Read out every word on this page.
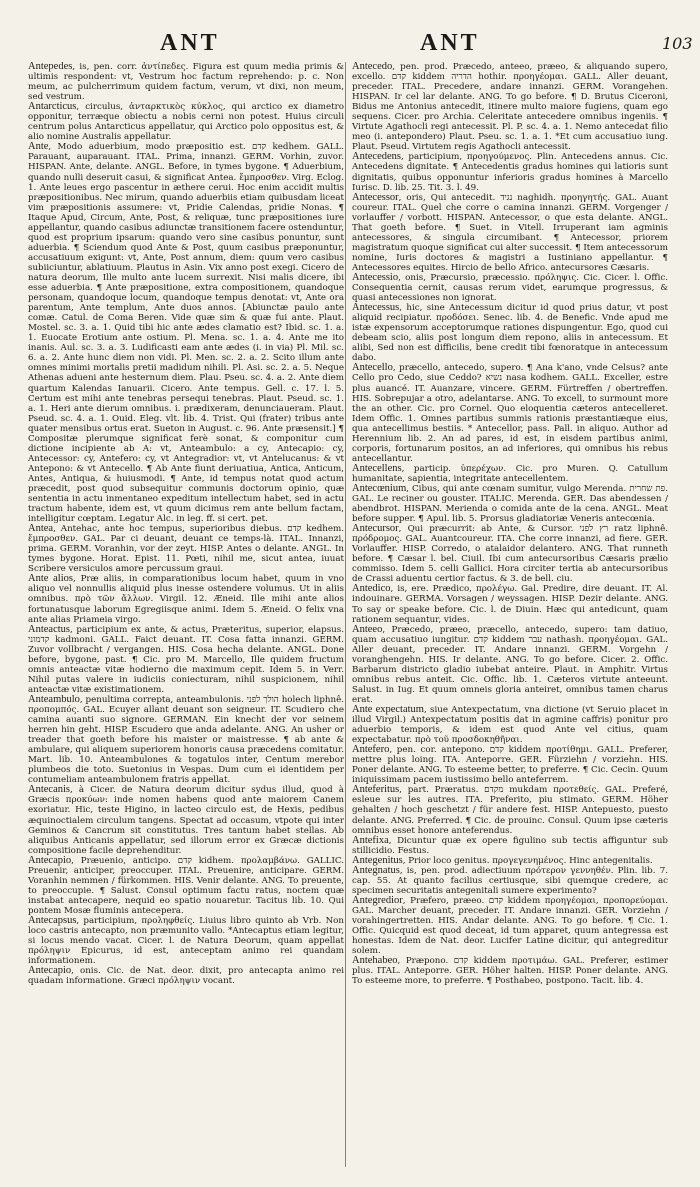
ANT	ANT	103

Antepedes, is, pen. corr. ἀντίπεδες. Figura est quum media primis & ultimis respondent: vt, Vestrum hoc factum reprehendo: p. c. Non meum, ac pulcherrimum quidem factum, verum, vt dixi, non meum, sed vestrum.

Antarcticus, circulus, ἀνταρκτικὸς κύκλος, qui arctico ex diametro opponitur, terræque obiectu a nobis cerni non potest. Huius circuli centrum polus Antarcticus appellatur, qui Arctico polo oppositus est, & alio nomine Australis appellatur.

Ante, Modo aduerbium, modo præpositio est. קדם kedhem. GALL. Parauant, auparauant. ITAL. Prima, innanzi. GERM. Vorhin, zuvor. HISPAN. Ante, delante. ANGL. Before, in tymes bygone. ¶ Aduerbium, quando nulli deseruit casui, & significat Antea. ἔμπροσθεν. Virg. Eclog. 1. Ante leues ergo pascentur in æthere cerui. Hoc enim accidit multis præpositionibus. Nec mirum, quando aduerbiis etiam quibusdam liceat vim præpositionis assumere: vt, Pridie Calendas, pridie Nonas. ¶ Itaque Apud, Circum, Ante, Post, & reliquæ, tunc præpositiones iure appellantur, quando casibus adiunctæ transitionem facere ostenduntur, quod est proprium ipsarum: quando vero sine casibus ponuntur, sunt aduerbia. ¶ Sciendum quod Ante & Post, quum casibus præponuntur, accusatiuum exigunt: vt, Ante, Post annum, diem: quum vero casibus subiiciuntur, ablatiuum. Plautus in Asin. Vix anno post exegi. Cicero de natura deorum, Ille multo ante lucem surrexit. Nisi malis dicere, ibi esse aduerbia. ¶ Ante præpositione, extra compositionem, quandoque personam, quandoque locum, quandoque tempus denotat: vt, Ante ora parentum, Ante templum, Ante duos annos. [Abiunctæ paulo ante comæ. Catul. de Coma Beren. Vide quæ sim & quæ fui ante. Plaut. Mostel. sc. 3. a. 1. Quid tibi hic ante ædes clamatio est? Ibid. sc. 1. a. 1. Euocate Erotium ante ostium. Pl. Mena. sc. 1. a. 4. Ante me ito inanis. Aul. sc. 3. a. 3. Ludificasti eam ante ædes (i. in via) Pl. Mil. sc. 6. a. 2. Ante hunc diem non vidi. Pl. Men. sc. 2. a. 2. Scito illum ante omnes minimi mortalis pretii madidum nihili. Pl. Asi. sc. 2. a. 5. Neque Athenas adueni ante hesternum diem. Plau. Pseu. sc. 4. a. 2. Ante diem quartum Kalendas Ianuarii. Cicero. Ante tempus. Gell. c. 17. l. 5. Certum est mihi ante tenebras persequi tenebras. Plaut. Pseud. sc. 1. a. 1. Heri ante dierum omnibus. i. prædixeram, denunciaueram. Plaut. Pseud. sc. 4. a. 1. Ouid. Eleg. vlt. lib. 4. Trist. Qui (frater) tribus ante quater mensibus ortus erat. Sueton in August. c. 96. Ante præsensit.] ¶ Compositæ plerumque significat ferè sonat, & componitur cum dictione incipiente ab A: vt, Anteambulo: a cy, Antecapio: cy, Antecessor: cy, Antefero: cy, vt Antegradior: vt, vt Antelucanus: & vt Antepono: & vt Antecello. ¶ Ab Ante fiunt deriuatiua, Antica, Anticum, Antes, Antiqua, & huiusmodi. ¶ Ante, id tempus notat quod actum præcedit, post quod subsequitur communis doctorum opinio, quæ sententia in actu inmentaneo expeditum intellectum habet, sed in actu tractum habente, idem est, vt quum dicimus rem ante bellum factam, intelligitur cœptam. Legatur Alc. in leg. ff. si cert. pet.

Antea, Antehac, ante hoc tempus, superioribus diebus. קדם kedhem. ἔμπροσθεν. GAL. Par ci deuant, deuant ce temps-là. ITAL. Innanzi, prima. GERM. Voranhin, vor der zeyt. HISP. Antes o delante. ANGL. In tymes bygone. Horat. Epist. 11. Pœti, nihil me, sicut antea, iuuat Scribere versiculos amore percussum graui.

Ante alios, Præ aliis, in comparationibus locum habet, quum in vno aliquo vel nonnullis aliquid plus inesse ostendere volumus. Ut in aliis omnibus. πρὸ τῶν ἄλλων. Virgil. 12. Æneid. Ille mihi ante alios fortunatusque laborum Egregiisque animi. Idem 5. Æneid. O felix vna ante alias Priameia virgo.

Anteactus, participium ex ante, & actus, Præteritus, superior, elapsus. קדמוני kadmoni. GALL. Faict deuant. IT. Cosa fatta innanzi. GERM. Zuvor vollbracht / vergangen. HIS. Cosa hecha delante. ANGL. Done before, bygone, past. ¶ Cic. pro M. Marcello, Ille quidem fructum omnis anteactæ vitæ hodierno die maximum cepit. Idem 5. in Verr. Nihil putas valere in iudiciis coniecturam, nihil suspicionem, nihil anteactæ vitæ existimationem.

Anteambulo, penultima correpta, anteambulonis. הולך לפני holech liphnê. προπομπός. GAL. Ecuyer allant deuant son seigneur. IT. Scudiero che camina auanti suo signore. GERMAN. Ein knecht der vor seinem herren hin geht. HISP. Escudero que anda adelante. ANG. An usher or treader that goeth before his maister or maistresse. ¶ ab ante & ambulare, qui aliquem superiorem honoris causa præcedens comitatur. Mart. lib. 10. Anteambulones & togatulos inter, Centum merebor plumbeos die toto. Suetonius in Vespas. Dum cum ei identidem per contumeliam anteambulonem fratris appellat.

Antecanis, à Cicer. de Natura deorum dicitur sydus illud, quod à Græcis προκύων: inde nomen habens quod ante maiorem Canem exoriatur. Hic, teste Higino, in lacteo circulo est, de Hexis, pedibus æquinoctialem circulum tangens. Spectat ad occasum, vtpote qui inter Geminos & Cancrum sit constitutus. Tres tantum habet stellas. Ab aliquibus Anticanis appellatur, sed illorum error ex Græcæ dictionis compositione facile deprehenditur.

Antecapio, Præuenio, anticipo. קדם kidhem. προλαμβάνω. GALLIC. Preuenir, anticiper, preoccuper. ITAL. Preuenire, anticipare. GERM. Voranhin nemmen / fürkommen. HIS. Venir delante. ANG. To preuente, to preoccupie. ¶ Salust. Consul optimum factu ratus, noctem quæ instabat antecapere, nequid eo spatio nouaretur. Tacitus lib. 10. Qui pontem Mosæ fluminis antecepera.

Antecapsus, participium, προληφθείς. Liuius libro quinto ab Vrb. Non loco castris antecapto, non præmunito vallo. *Antecaptus etiam legitur, si locus mendo vacat. Cicer. l. de Natura Deorum, quam appellat πρόληψιν Epicurus, id est, anteceptam animo rei quandam informationem.

Antecapio, onis. Cic. de Nat. deor. dixit, pro antecapta animo rei quadam informatione. Græci πρόληψιν vocant.

Antecedo, pen. prod. Præcedo, anteeo, præeo, & aliquando supero, excello. קדם kiddem הדריה hothir. προηγέομαι. GALL. Aller deuant, preceder. ITAL. Precedere, andare innanzi. GERM. Vorangehen. HISPAN. Ir cel lar delante. ANG. To go before. ¶ D. Brutus Ciceroni, Bidus me Antonius antecedit, itinere multo maiore fugiens, quam ego sequens. Cicer. pro Archia. Celeritate antecedere omnibus ingeniis. ¶ Virtute Agathocli regi antecessit. Pl. P. sc. 4. a. 1. Nemo antecedat filio meo (i. antepondero) Plaut. Pseu. sc. 1. a. 1. *Et cum accusatiuo iung. Plaut. Pseud. Virtutem regis Agathocli antecessit.

Antecedens, participium, προηγούμενος. Plin. Antecedens annus. Cic. Antecedens dignitate. ¶ Antecedentis gradus homines qui latioris sunt dignitatis, quibus opponuntur inferioris gradus homines à Marcello Iurisc. D. lib. 25. Tit. 3. l. 49.

Antecessor, oris, Qui antecedit. נגיד naghidh. προηγητής. GAL. Auant coureur. ITAL. Quel che corre o camina innanzi. GERM. Vorgenger / vorlauffer / vorbott. HISPAN. Antecessor, o que esta delante. ANGL. That goeth before. ¶ Suet. in Vitell. Irruperant iam agminis antecessores, & singula circumibant. ¶ Antecessor, priorem magistratum quoque significat cui alter successit. ¶ Item antecessorum nomine, Iuris doctores & magistri a Iustiniano appellantur. ¶ Antecessores equites. Hircio de bello Africo. antecursores Cæsaris.

Antecessio, onis, Præcursio, præcessio. πρόληψις. Cic. Cicer. l. Offic. Consequentia cernit, causas rerum videt, earumque progressus, & quasi antecessiones non ignorat.

Antecessus, hic, sine Antecessum dicitur id quod prius datur, vt post aliquid recipiatur. προδόσει. Senec. lib. 4. de Benefic. Vnde apud me istæ expensorum acceptorumque rationes dispungentur. Ego, quod cui debeam scio, aliis post longum diem repono, aliis in antecessum. Et alibi, Sed non est difficilis, bene credit tibi fœnoratque in antecessum dabo.

Antecello, præcello, antecedo, supero. ¶ Ana k'ano, vnde Celsus? ante Cello pro Cedo, siue Ceddo? נשיא nasa kodhem. GALL. Exceller, estre plus auancé. IT. Auanzare, vincere. GERM. Fürtreffen / obertreffen. HIS. Sobrepujar a otro, adelantarse. ANG. To excell, to surmount more the an other. Cic. pro Cornel. Quo eloquentia cæteros antecelleret. Idem Offic. 1. Omnes partibus summis rationis præstantiæque eius, qua antecellimus bestiis. * Antecellor, pass. Pall. in aliquo. Author ad Herennium lib. 2. An ad pares, id est, in eisdem partibus animi, corporis, fortunarum positos, an ad inferiores, qui omnibus his rebus antecellantur.

Antecellens, particip. ὑπερέχων. Cic. pro Muren. Q. Catullum humanitate, sapientia, integritate antecellentem.

Antecœnium, Cibus, qui ante cœnam sumitur, vulgo Merenda. פת שחרית. GAL. Le reciner ou gouster. ITALIC. Merenda. GER. Das abendessen / abendbrot. HISPAN. Merienda o comida ante de la cena. ANGL. Meat before supper. ¶ Apul. lib. 5. Prorsus gladiatoriæ Veneris antecœnia.

Antecursor, Qui præcurrit: ab Ante, & Cursor. רץ לפני ratz liphnê. πρόδρομος. GAL. Auantcoureur. ITA. Che corre innanzi, ad fiere. GER. Vorlauffer. HISP. Corredo, o atalaidor delantero. ANG. That runneth before. ¶ Cæsar l. bel. Ciuil. Ibi cum antecursoribus Cæsaris prælio commisso. Idem 5. celli Gallici. Hora circiter tertia ab antecursoribus de Crassi aduentu certior factus. & 3. de bell. ciu.

Antedico, is, ere. Prædico, προλέγω. Gal. Predire, dire deuant. IT. Al. indouinare. GERMA. Vorsagen / weyssagen. HISP. Dezir delante. ANG. To say or speake before. Cic. l. de Diuin. Hæc qui antedicunt, quam rationem sequantur, vides.

Anteeo, Præcedo, præeo, præcello, antecedo, supero: tam datiuo, quam accusatiuo iungitur. קדם kiddem עבר nathash. προηγέομαι. GAL. Aller deuant, preceder. IT. Andare innanzi. GERM. Vorgehn / voranghengehn. HIS. Ir delante. ANG. To go before. Cicer. 2. Offic. Barbarum districto gladio iubebat anteire. Plaut. in Amphitr. Virtus omnibus rebus anteit. Cic. Offic. lib. 1. Cæteros virtute anteeunt. Salust. in Iug. Et quum omneis gloria anteiret, omnibus tamen charus erat.

Ante expectatum, siue Antexpectatum, vna dictione (vt Seruio placet in illud Virgil.) Antexpectatum positis dat in agmine caffris) ponitur pro aduerbio temporis, & idem est quod Ante vel citius, quam expectabatur. πρὸ τοῦ προσδοκηθῆναι.

Antefero, pen. cor. antepono. קדם kiddem προτίθημι. GALL. Preferer, mettre plus loing. ITA. Anteporre. GER. Fürziehn / vorziehn. HIS. Poner delante. ANG. To esteeme better, to preferre. ¶ Cic. Cecin. Quum iniquissimam pacem iustissimo bello anteferrem.

Anteferitus, part. Præratus. מקדם mukdam προτεθείς. GAL. Preferé, esleue sur les autres. ITA. Preferito, piu stimato. GERM. Höher gehalten / hoch geschetzt / für andere fest. HISP. Antepuesto, puesto delante. ANG. Preferred. ¶ Cic. de prouinc. Consul. Quum ipse cæteris omnibus esset honore anteferendus.

Antefixa, Dicuntur quæ ex opere figulino sub tectis affiguntur sub stillicidio. Festus.

Antegenitus, Prior loco genitus. προγεγενημένος. Hinc antegenitalis.

Antegnatus, is, pen. prod. adiectiuum πρότερον γεννηθέν. Plin. lib. 7. cap. 55. At quanto facilius certiusque, sibi quemque credere, ac specimen securitatis antegenitali sumere experimento?

Antegredior, Præfero, præeo. קדם kiddem προηγέομαι, προπορεύομαι. GAL. Marcher deuant, preceder. IT. Andare innanzi. GER. Vorziehn / vorahingertretten. HIS. Andar delante. ANG. To go before. ¶ Cic. 1. Offic. Quicquid est quod deceat, id tum apparet, quum antegressa est honestas. Idem de Nat. deor. Lucifer Latine dicitur, qui antegreditur solem.

Antehabeo, Præpono. קדם kiddem προτιμάω. GAL. Preferer, estimer plus. ITAL. Anteporre. GER. Höher halten. HISP. Poner delante. ANG. To esteeme more, to preferre. ¶ Posthabeo, postpono. Tacit. lib. 4.
